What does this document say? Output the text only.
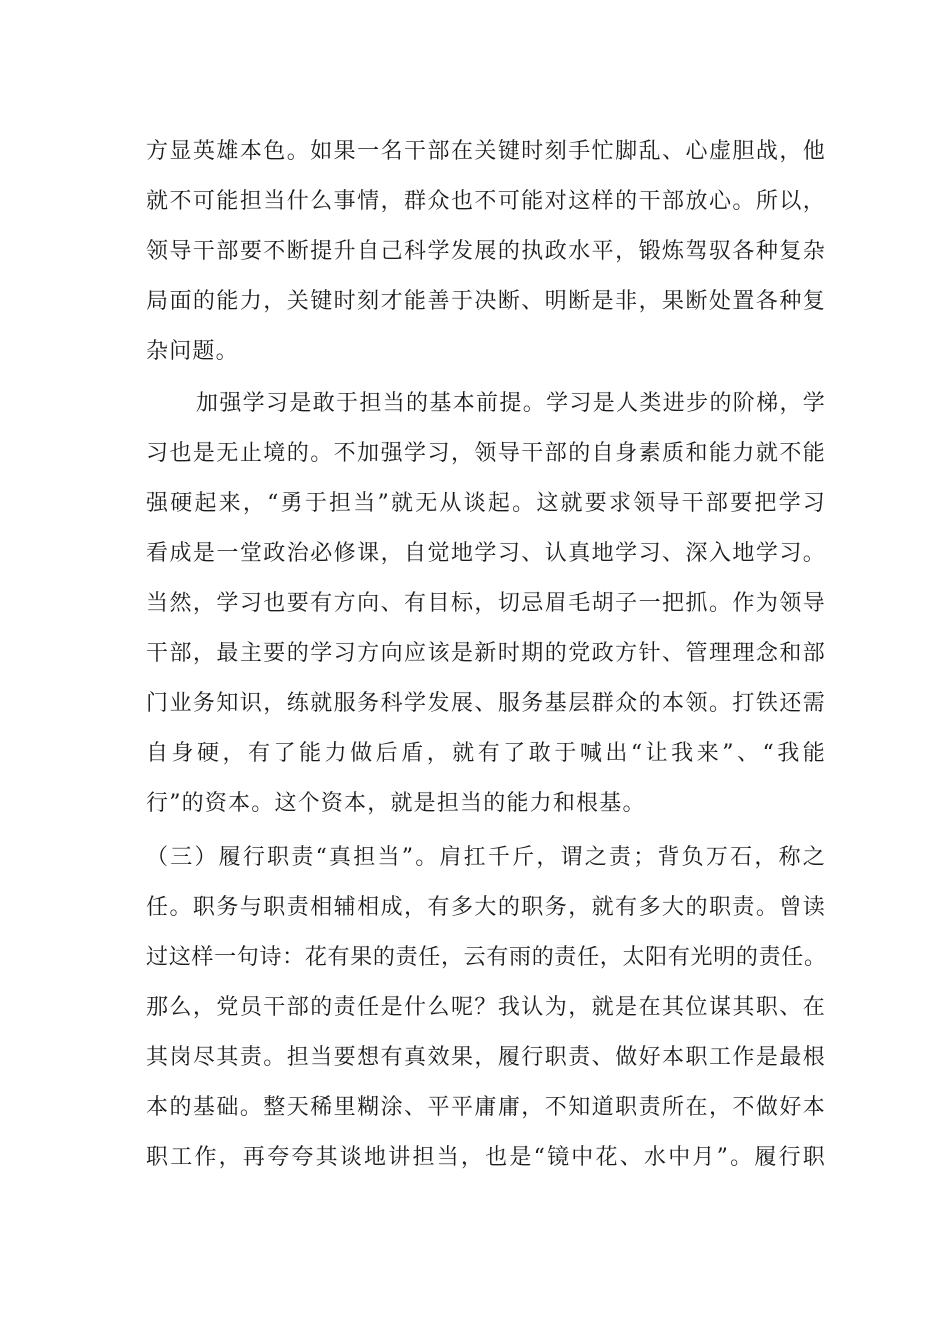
方显英雄本色。如果一名干部在关键时刻手忙脚乱、心虚胆战，他
就不可能担当什么事情，群众也不可能对这样的干部放心。所以，
领导干部要不断提升自己科学发展的执政水平，锻炼驾驭各种复杂
局面的能力，关键时刻才能善于决断、明断是非，果断处置各种复
杂问题。
加强学习是敢于担当的基本前提。学习是人类进步的阶梯，学
习也是无止境的。不加强学习，领导干部的自身素质和能力就不能
强硬起来，“勇于担当”就无从谈起。这就要求领导干部要把学习
看成是一堂政治必修课，自觉地学习、认真地学习、深入地学习。
当然，学习也要有方向、有目标，切忌眉毛胡子一把抓。作为领导
干部，最主要的学习方向应该是新时期的党政方针、管理理念和部
门业务知识，练就服务科学发展、服务基层群众的本领。打铁还需
自身硬，有了能力做后盾，就有了敢于喊出“让我来”、“我能
行”的资本。这个资本，就是担当的能力和根基。
（三）履行职责“真担当”。肩扛千斤，谓之责；背负万石，称之
任。职务与职责相辅相成，有多大的职务，就有多大的职责。曾读
过这样一句诗：花有果的责任，云有雨的责任，太阳有光明的责任。
那么，党员干部的责任是什么呢？我认为，就是在其位谋其职、在
其岗尽其责。担当要想有真效果，履行职责、做好本职工作是最根
本的基础。整天稀里糊涂、平平庸庸，不知道职责所在，不做好本
职工作，再夸夸其谈地讲担当，也是“镜中花、水中月”。履行职
